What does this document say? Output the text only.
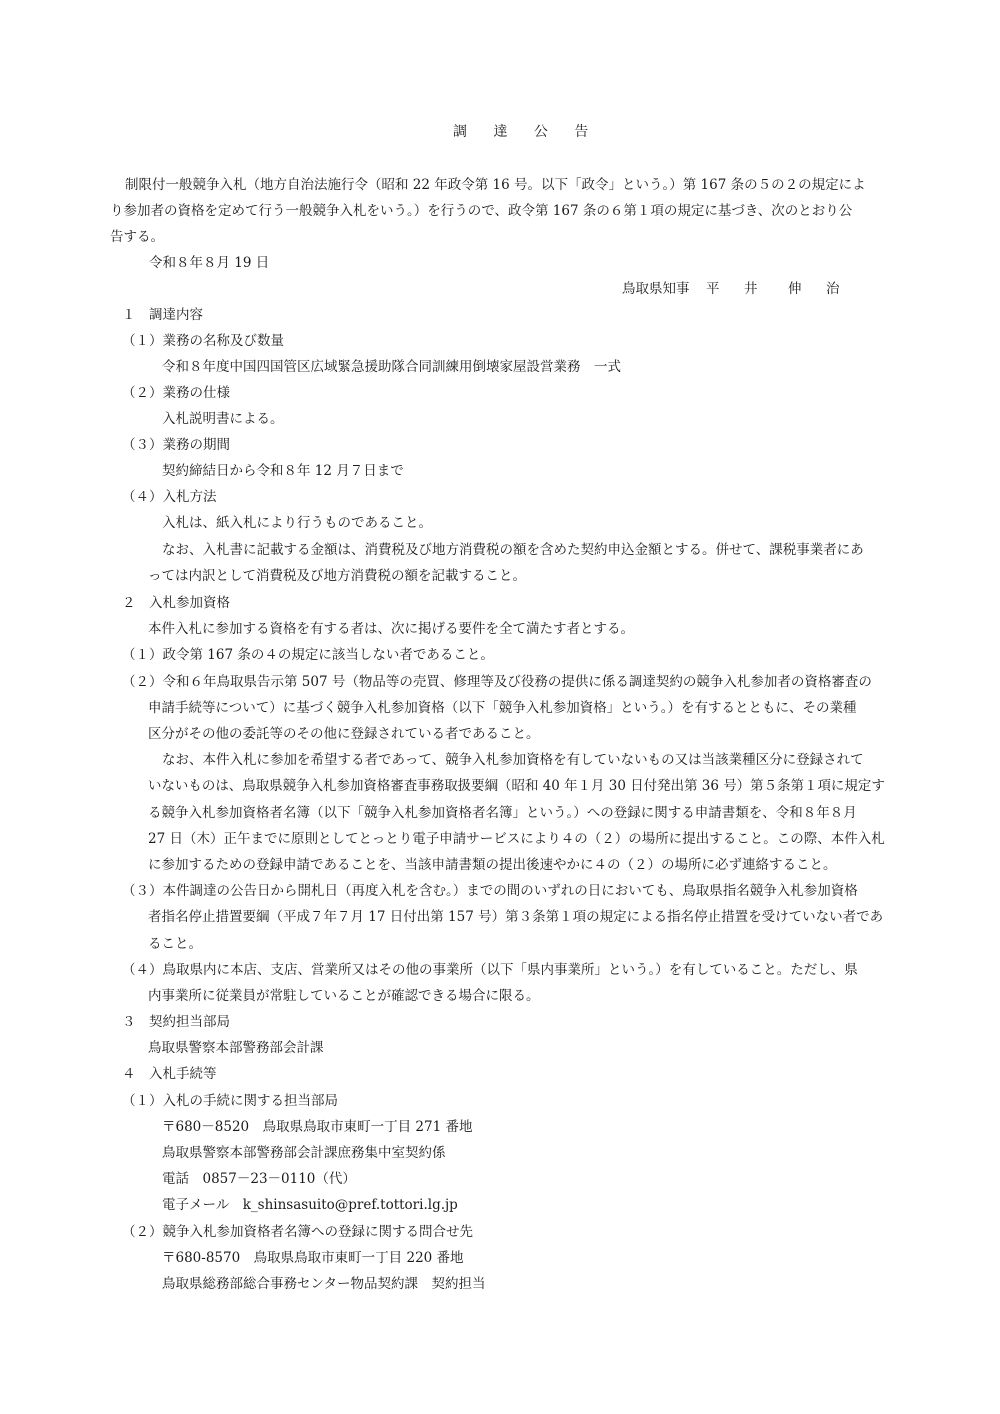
調 達 公 告
制限付一般競争入札（地方自治法施行令（昭和 22 年政令第 16 号。以下「政令」という。）第 167 条の５の２の規定によ
り参加者の資格を定めて行う一般競争入札をいう。）を行うので、政令第 167 条の６第１項の規定に基づき、次のとおり公
告する。
令和８年８月 19 日
鳥取県知事 平 井 伸 治
１　調達内容
（１）業務の名称及び数量
令和８年度中国四国管区広域緊急援助隊合同訓練用倒壊家屋設営業務　一式
（２）業務の仕様
入札説明書による。
（３）業務の期間
契約締結日から令和８年 12 月７日まで
（４）入札方法
入札は、紙入札により行うものであること。
なお、入札書に記載する金額は、消費税及び地方消費税の額を含めた契約申込金額とする。併せて、課税事業者にあ
っては内訳として消費税及び地方消費税の額を記載すること。
２　入札参加資格
本件入札に参加する資格を有する者は、次に掲げる要件を全て満たす者とする。
（１）政令第 167 条の４の規定に該当しない者であること。
（２）令和６年鳥取県告示第 507 号（物品等の売買、修理等及び役務の提供に係る調達契約の競争入札参加者の資格審査の
申請手続等について）に基づく競争入札参加資格（以下「競争入札参加資格」という。）を有するとともに、その業種
区分がその他の委託等のその他に登録されている者であること。
なお、本件入札に参加を希望する者であって、競争入札参加資格を有していないもの又は当該業種区分に登録されて
いないものは、鳥取県競争入札参加資格審査事務取扱要綱（昭和 40 年１月 30 日付発出第 36 号）第５条第１項に規定す
る競争入札参加資格者名簿（以下「競争入札参加資格者名簿」という。）への登録に関する申請書類を、令和８年８月
27 日（木）正午までに原則としてとっとり電子申請サービスにより４の（２）の場所に提出すること。この際、本件入札
に参加するための登録申請であることを、当該申請書類の提出後速やかに４の（２）の場所に必ず連絡すること。
（３）本件調達の公告日から開札日（再度入札を含む。）までの間のいずれの日においても、鳥取県指名競争入札参加資格
者指名停止措置要綱（平成７年７月 17 日付出第 157 号）第３条第１項の規定による指名停止措置を受けていない者であ
ること。
（４）鳥取県内に本店、支店、営業所又はその他の事業所（以下「県内事業所」という。）を有していること。ただし、県
内事業所に従業員が常駐していることが確認できる場合に限る。
３　契約担当部局
鳥取県警察本部警務部会計課
４　入札手続等
（１）入札の手続に関する担当部局
〒680－8520　鳥取県鳥取市東町一丁目 271 番地
鳥取県警察本部警務部会計課庶務集中室契約係
電話　0857－23－0110（代）
電子メール　k_shinsasuito@pref.tottori.lg.jp
（２）競争入札参加資格者名簿への登録に関する問合せ先
〒680-8570　鳥取県鳥取市東町一丁目 220 番地
鳥取県総務部総合事務センター物品契約課　契約担当
